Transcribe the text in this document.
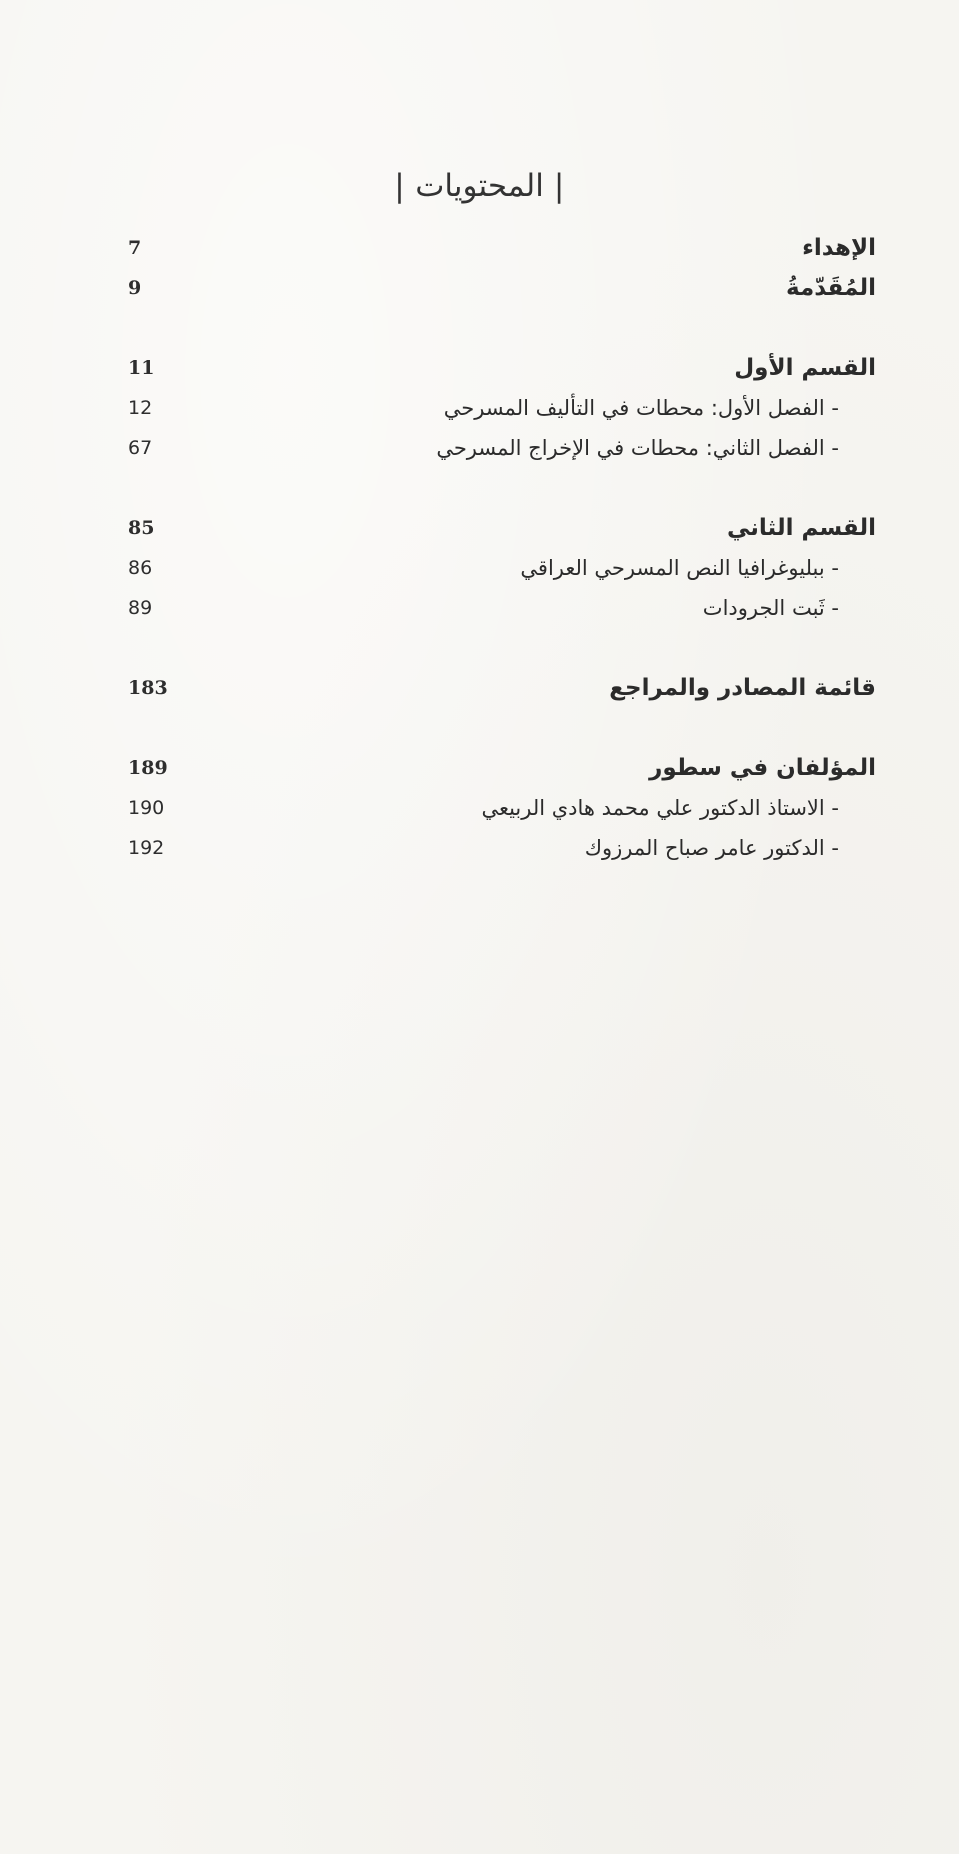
|المحتويات|
الإهداء
7
المُقَدّمةُ
9
القسم الأول
11
- الفصل الأول: محطات في التأليف المسرحي
12
- الفصل الثاني: محطات في الإخراج المسرحي
67
القسم الثاني
85
- ببليوغرافيا النص المسرحي العراقي
86
- ثَبت الجرودات
89
قائمة المصادر والمراجع
183
المؤلفان في سطور
189
- الاستاذ الدكتور علي محمد هادي الربيعي
190
- الدكتور عامر صباح المرزوك
192
